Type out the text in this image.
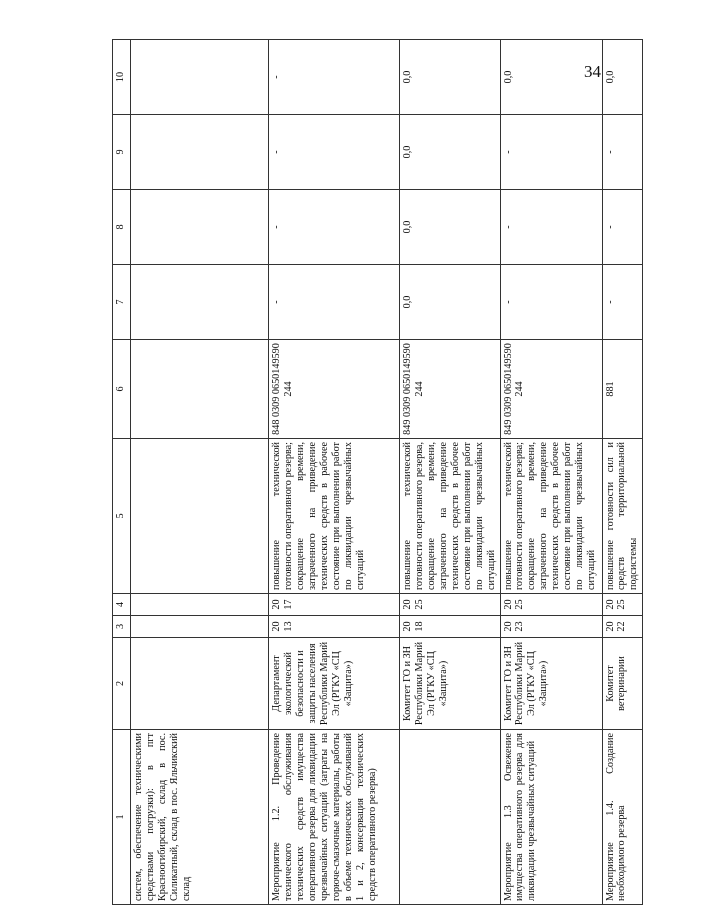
34
1	2	3	4	5	6	7	8	9	10
систем, обеспечение техническими средствами погрузки): в пгт Красноогибирский, склад в пос. Силикатный, склад в пос. Яльчикский склад									
Мероприятие 1.2. Проведение технического обслуживания технических средств имущества оперативного резерва для ликвидации чрезвычайных ситуаций (затраты на горюче-смазочные материалы, работы в объеме технических обслуживаний 1 и 2, консервация технических средств оперативного резерва)	Департамент экологической безопасности и защиты населения Республики Марий Эл (РГКУ «СЦ «Защита»)	2013	2017	повышение технической готовности оперативного резерва; сокращение времени, затраченного на приведение технических средств в рабочее состояние при выполнении работ по ликвидации чрезвычайных ситуаций	848 0309 0650149590 244	-	-	-	-
	Комитет ГО и ЗН Республики Марий Эл (РГКУ «СЦ «Защита»)	2018	2025	повышение технической готовности оперативного резерва, сокращение времени, затраченного на приведение технических средств в рабочее состояние при выполнении работ по ликвидации чрезвычайных ситуаций	849 0309 0650149590 244	0,0	0,0	0,0	0,0
Мероприятие 1.3 Освежение имущества оперативного резерва для ликвидации чрезвычайных ситуаций	Комитет ГО и ЗН Республики Марий Эл (РГКУ «СЦ «Защита»)	2023	2025	повышение технической готовности оперативного резерва; сокращение времени, затраченного на приведение технических средств в рабочее состояние при выполнении работ по ликвидации чрезвычайных ситуаций	849 0309 0650149590 244	-	-	-	0,0
Мероприятие 1.4. Создание необходимого резерва	Комитет ветеринарии	2022	2025	повышение готовности сил и средств территориальной подсистемы	881	-	-	-	0,0
